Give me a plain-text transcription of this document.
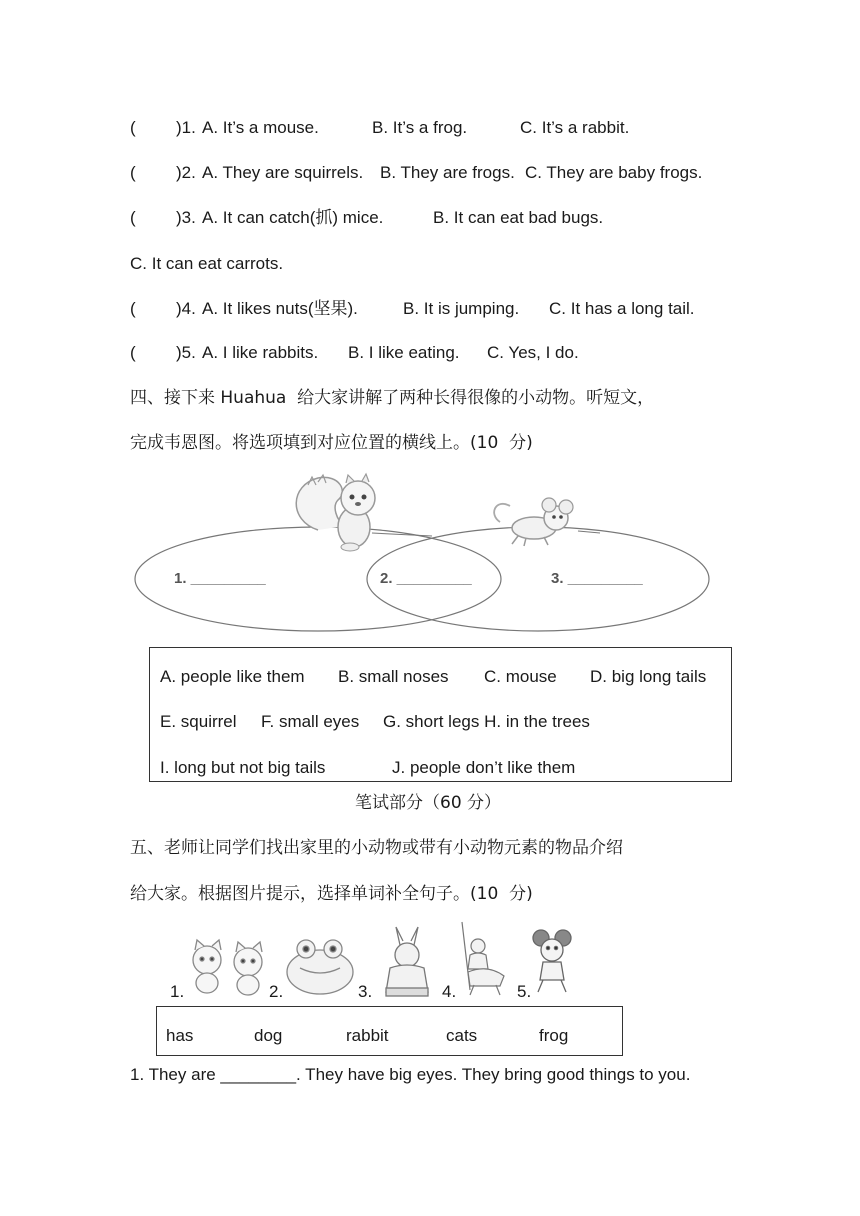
( )1. A. It’s a mouse.	B. It’s a frog.	C. It’s a rabbit.
( )2. A. They are squirrels. B. They are frogs. C. They are baby frogs.
( )3. A. It can catch(抓) mice.	B. It can eat bad bugs.
C. It can eat carrots.
( )4. A. It likes nuts(坚果).	B. It is jumping. C. It has a long tail.
( )5. A. I like rabbits. B. I like eating. C. Yes, I do.
四、接下来 Huahua  给大家讲解了两种长得很像的小动物。听短文，
完成韦恩图。将选项填到对应位置的横线上。(10  分)
1. _________	2. _________	3. _________
A. people like them B. small noses C. mouse D. big long tails
E. squirrel F. small eyes G. short legs H. in the trees
I. long but not big tails	J. people don’t like them
笔试部分（60 分）
五、老师让同学们找出家里的小动物或带有小动物元素的物品介绍
给大家。根据图片提示，选择单词补全句子。(10  分)
1.	2.	3.	4.	5.
has	dog	rabbit	cats	frog
1. They are ________. They have big eyes. They bring good things to you.
